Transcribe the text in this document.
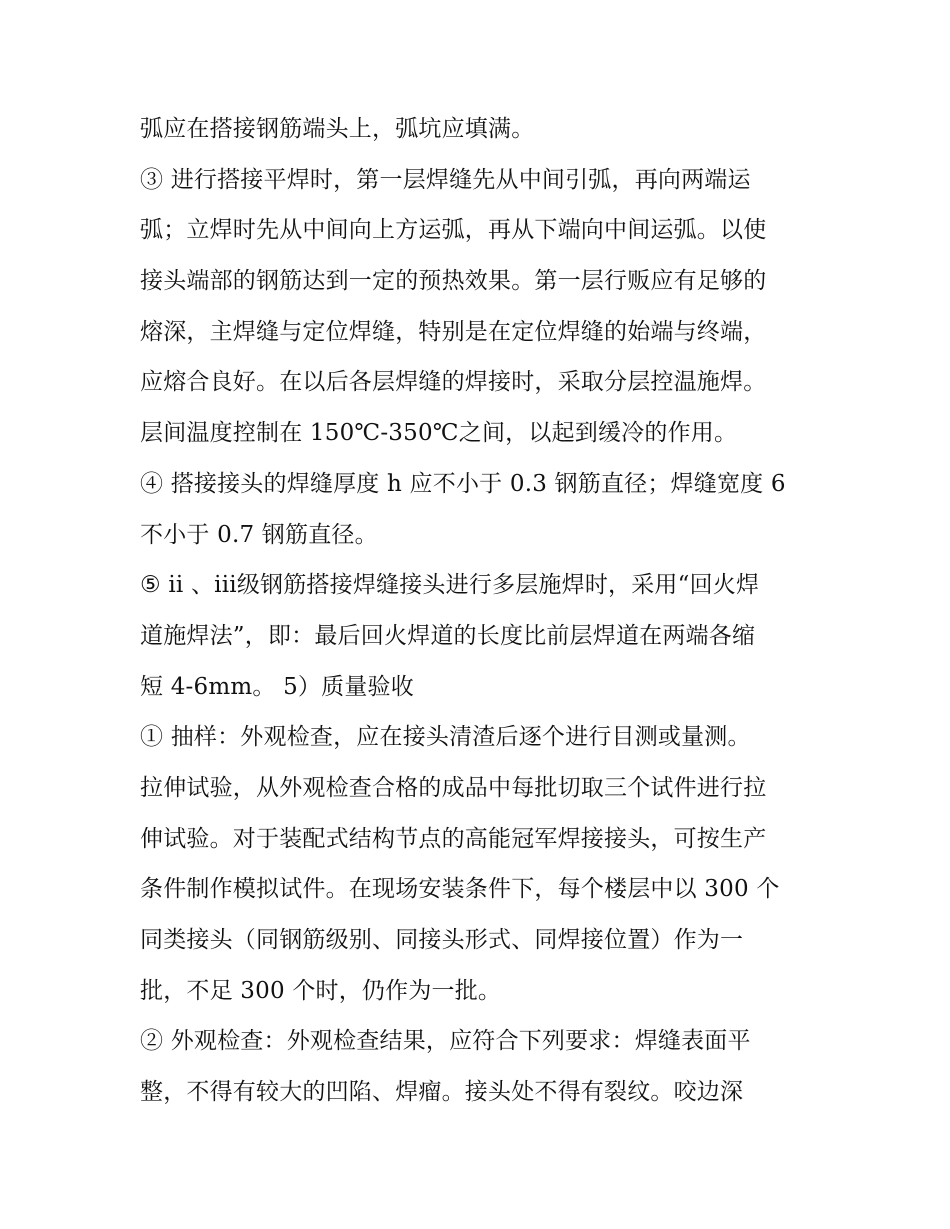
弧应在搭接钢筋端头上，弧坑应填满。
③ 进行搭接平焊时，第一层焊缝先从中间引弧，再向两端运
弧；立焊时先从中间向上方运弧，再从下端向中间运弧。以使
接头端部的钢筋达到一定的预热效果。第一层行贩应有足够的
熔深，主焊缝与定位焊缝，特别是在定位焊缝的始端与终端，
应熔合良好。在以后各层焊缝的焊接时，采取分层控温施焊。
层间温度控制在 150℃-350℃之间，以起到缓冷的作用。
④ 搭接接头的焊缝厚度 h 应不小于 0.3 钢筋直径；焊缝宽度 6
不小于 0.7 钢筋直径。
⑤ ii 、iii级钢筋搭接焊缝接头进行多层施焊时，采用“回火焊
道施焊法”，即：最后回火焊道的长度比前层焊道在两端各缩
短 4-6mm。 5）质量验收
① 抽样：外观检查，应在接头清渣后逐个进行目测或量测。
拉伸试验，从外观检查合格的成品中每批切取三个试件进行拉
伸试验。对于装配式结构节点的高能冠军焊接接头，可按生产
条件制作模拟试件。在现场安装条件下，每个楼层中以 300 个
同类接头（同钢筋级别、同接头形式、同焊接位置）作为一
批，不足 300 个时，仍作为一批。
② 外观检查：外观检查结果，应符合下列要求：焊缝表面平
整，不得有较大的凹陷、焊瘤。接头处不得有裂纹。咬边深
